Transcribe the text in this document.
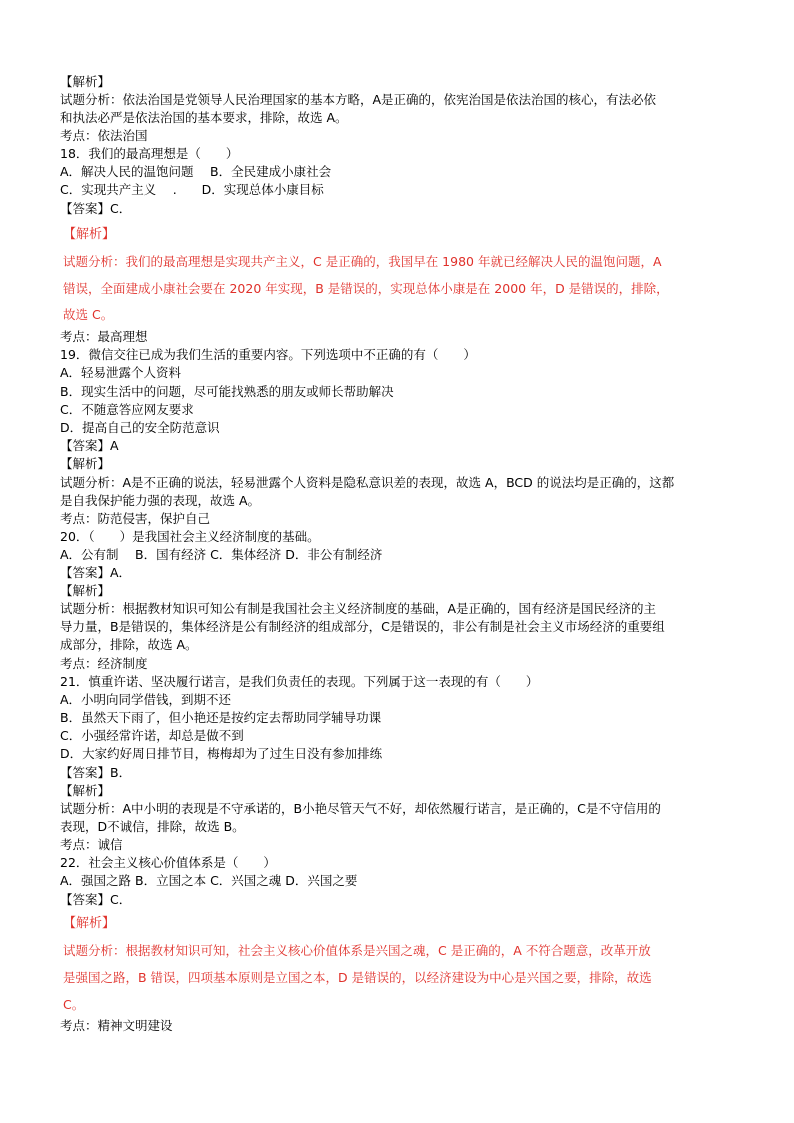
【解析】
试题分析：依法治国是党领导人民治理国家的基本方略，A是正确的，依宪治国是依法治国的核心，有法必依
和执法必严是依法治国的基本要求，排除，故选 A。
考点：依法治国
18．我们的最高理想是（　　）
A．解决人民的温饱问题　 B．全民建成小康社会
C．实现共产主义　 .　　D．实现总体小康目标
【答案】C．
【解析】
试题分析：我们的最高理想是实现共产主义，C 是正确的，我国早在 1980 年就已经解决人民的温饱问题，A
错误，全面建成小康社会要在 2020 年实现，B 是错误的，实现总体小康是在 2000 年，D 是错误的，排除，
故选 C。
考点：最高理想
19．微信交往已成为我们生活的重要内容。下列选项中不正确的有（　　）
A．轻易泄露个人资料
B．现实生活中的问题，尽可能找熟悉的朋友或师长帮助解决
C．不随意答应网友要求
D．提高自己的安全防范意识
【答案】A
【解析】
试题分析：A是不正确的说法，轻易泄露个人资料是隐私意识差的表现，故选 A，BCD 的说法均是正确的，这都
是自我保护能力强的表现，故选 A。
考点：防范侵害，保护自己
20．（　　）是我国社会主义经济制度的基础。
A．公有制　 B．国有经济 C．集体经济 D．非公有制经济
【答案】A．
【解析】
试题分析：根据教材知识可知公有制是我国社会主义经济制度的基础，A是正确的，国有经济是国民经济的主
导力量，B是错误的，集体经济是公有制经济的组成部分，C是错误的，非公有制是社会主义市场经济的重要组
成部分，排除，故选 A。
考点：经济制度
21．慎重许诺、坚决履行诺言，是我们负责任的表现。下列属于这一表现的有（　　）
A．小明向同学借钱，到期不还
B．虽然天下雨了，但小艳还是按约定去帮助同学辅导功课
C．小强经常许诺，却总是做不到
D．大家约好周日排节目，梅梅却为了过生日没有参加排练
【答案】B．
【解析】
试题分析：A中小明的表现是不守承诺的，B小艳尽管天气不好，却依然履行诺言，是正确的，C是不守信用的
表现，D不诚信，排除，故选 B。
考点：诚信
22．社会主义核心价值体系是（　　）
A．强国之路 B．立国之本 C．兴国之魂 D．兴国之要
【答案】C．
【解析】
试题分析：根据教材知识可知，社会主义核心价值体系是兴国之魂，C 是正确的，A 不符合题意，改革开放
是强国之路，B 错误，四项基本原则是立国之本，D 是错误的，以经济建设为中心是兴国之要，排除，故选
C。
考点：精神文明建设
